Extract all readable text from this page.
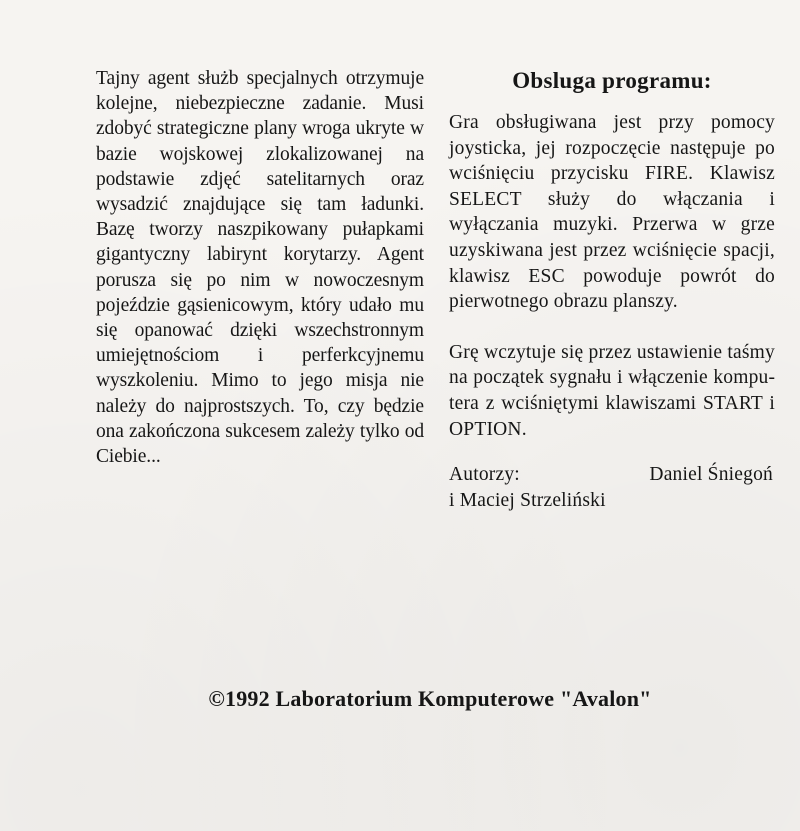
Tajny agent służb specjalnych otrzymuje kolejne, niebezpieczne zadanie. Musi zdobyć strategiczne plany wroga ukryte w bazie wojskowej zlokalizowanej na podstawie zdjęć satelitarnych oraz wysadzić znajdujące się tam ładunki. Bazę tworzy naszpikowany pułapkami gigantyczny labirynt korytarzy. Agent porusza się po nim w nowoczesnym pojeździe gąsienicowym, który udało mu się opanować dzięki wszechstronnym umiejętnościom i perferkcyjnemu wyszkoleniu. Mimo to jego misja nie należy do najprostszych. To, czy będzie ona zakończona sukcesem zależy tylko od Ciebie...

Obsluga programu:

Gra obsługiwana jest przy pomocy joysticka, jej rozpoczęcie następuje po wciśnięciu przycisku FIRE. Klawisz SELECT służy do włączania i wyłączania muzyki. Przerwa w grze uzyskiwana jest przez wciśnięcie spacji, klawisz ESC powoduje powrót do pierwotnego obrazu planszy.

Grę wczytuje się przez ustawienie taśmy na początek sygnału i włączenie komputera z wciśniętymi klawiszami START i OPTION.

Autorzy:	Daniel Śniegoń
i Maciej Strzeliński
©1992 Laboratorium Komputerowe "Avalon"
